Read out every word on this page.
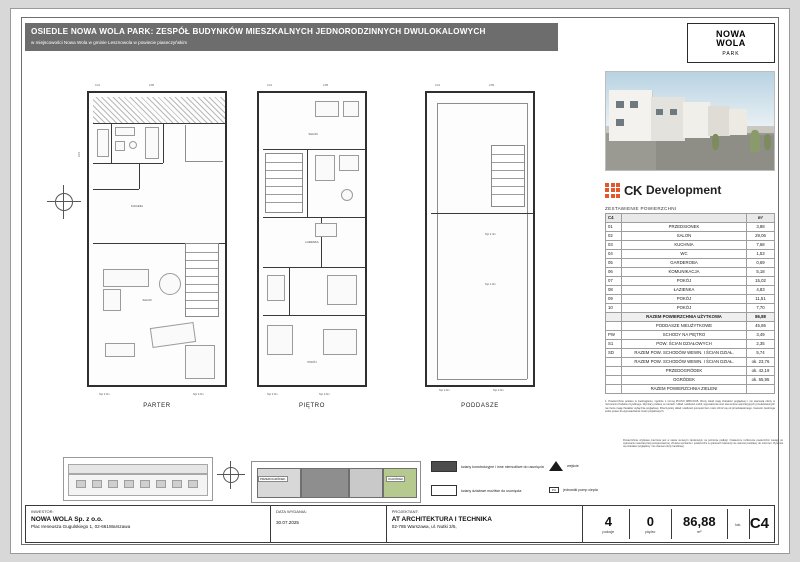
OSIEDLE NOWA WOLA PARK: ZESPÓŁ BUDYNKÓW MIESZKALNYCH JEDNORODZINNYCH DWULOKALOWYCH
w miejscowości Nowa Wola w gminie Lesznowola w powiecie piaseczyńskim
NOWA
WOLA
PARK
KUCHNIA
SALON
3.21	2.85
4.15
Npr 2.6m
Npr 2.6m
PARTER
SALON
ŁAZIENKA
POKÓJ
3.21	2.85
Npr 2.6m
Npr 2.6m
PIĘTRO
3.21	2.85
Npr 2.4m
Npr 1.9m
Npr 2.6m	Npr 2.6m
PODDASZE
PRZEDOGRÓDEK	OGRÓDEK
ściany konstrukcyjne i inne niemożliwe do usunięcia
ściany działowe możliwe do usunięcia
wejście
PC	jednostki pomp ciepła
CK Development
ZESTAWIENIE POWIERZCHNI
C4		m²
01	PRZEDSIONEK	3,88
02	SALON	29,06
03	KUCHNIA	7,68
04	WC	1,53
05	GARDEROBA	0,69
06	KOMUNIKACJA	5,18
07	POKÓJ	15,02
08	ŁAZIENKA	4,83
09	POKÓJ	11,51
10	POKÓJ	7,70
	RAZEM POWIERZCHNIA UŻYTKOWA	86,88
	PODDASZE NIEUŻYTKOWE	45,86
PW	SCHODY NA PIĘTRO	3,49
S1	POW. ŚCIAN DZIAŁOWYCH	2,35
SD	RAZEM POW. SCHODÓW WEWN. I ŚCIAN DZIAŁ.	5,74
	RAZEM POW. SCHODÓW WEWN. I ŚCIAN DZIAŁ.	ok. 23,76
	PRZEDOGRÓDEK	ok. 42,19
	OGRÓDEK	ok. 65,95
	RAZEM POWIERZCHNIA ZIELENI	

1. Powierzchnie podano w zaokrągleniu, zgodnie z normą PN-ISO 9836:2015. Rzuty lokali mają charakter poglądowy i nie stanowią oferty w rozumieniu Kodeksu Cywilnego. Wymiary podane w metrach. Układ i wielkość mebli, wyposażenia oraz elementów aranżacyjnych przedstawionych na rzucie mają charakter wyłącznie poglądowy. Rzeczywisty układ i wielkość pomieszczeń może różnić się od przedstawionego. Inwestor zastrzega sobie prawo do wprowadzania zmian projektowych.

Powierzchnia użytkowa mierzona jest w stanie surowym zamkniętym na poziomie podłogi. Ostateczne rozliczenie powierzchni nastąpi po wykonaniu inwentaryzacji powykonawczej. Zmiana wymiarów i powierzchni w granicach tolerancji nie stanowi podstawy do roszczeń. Rysunek ma charakter poglądowy i nie stanowi oferty handlowej.
INWESTOR:
NOWA WOLA Sp. z o.o.
Plac Ireneusza Gugulskiego 1, 02-661Warszawa
DATA WYDANIA:
30.07.2025
PROJEKTANT:
AT ARCHITEKTURA I TECHNIKA
02-785 Warszawa, ul. Nutki 3/5,	4
pokoje
0
piętro
86,88
m²
lok. C4
